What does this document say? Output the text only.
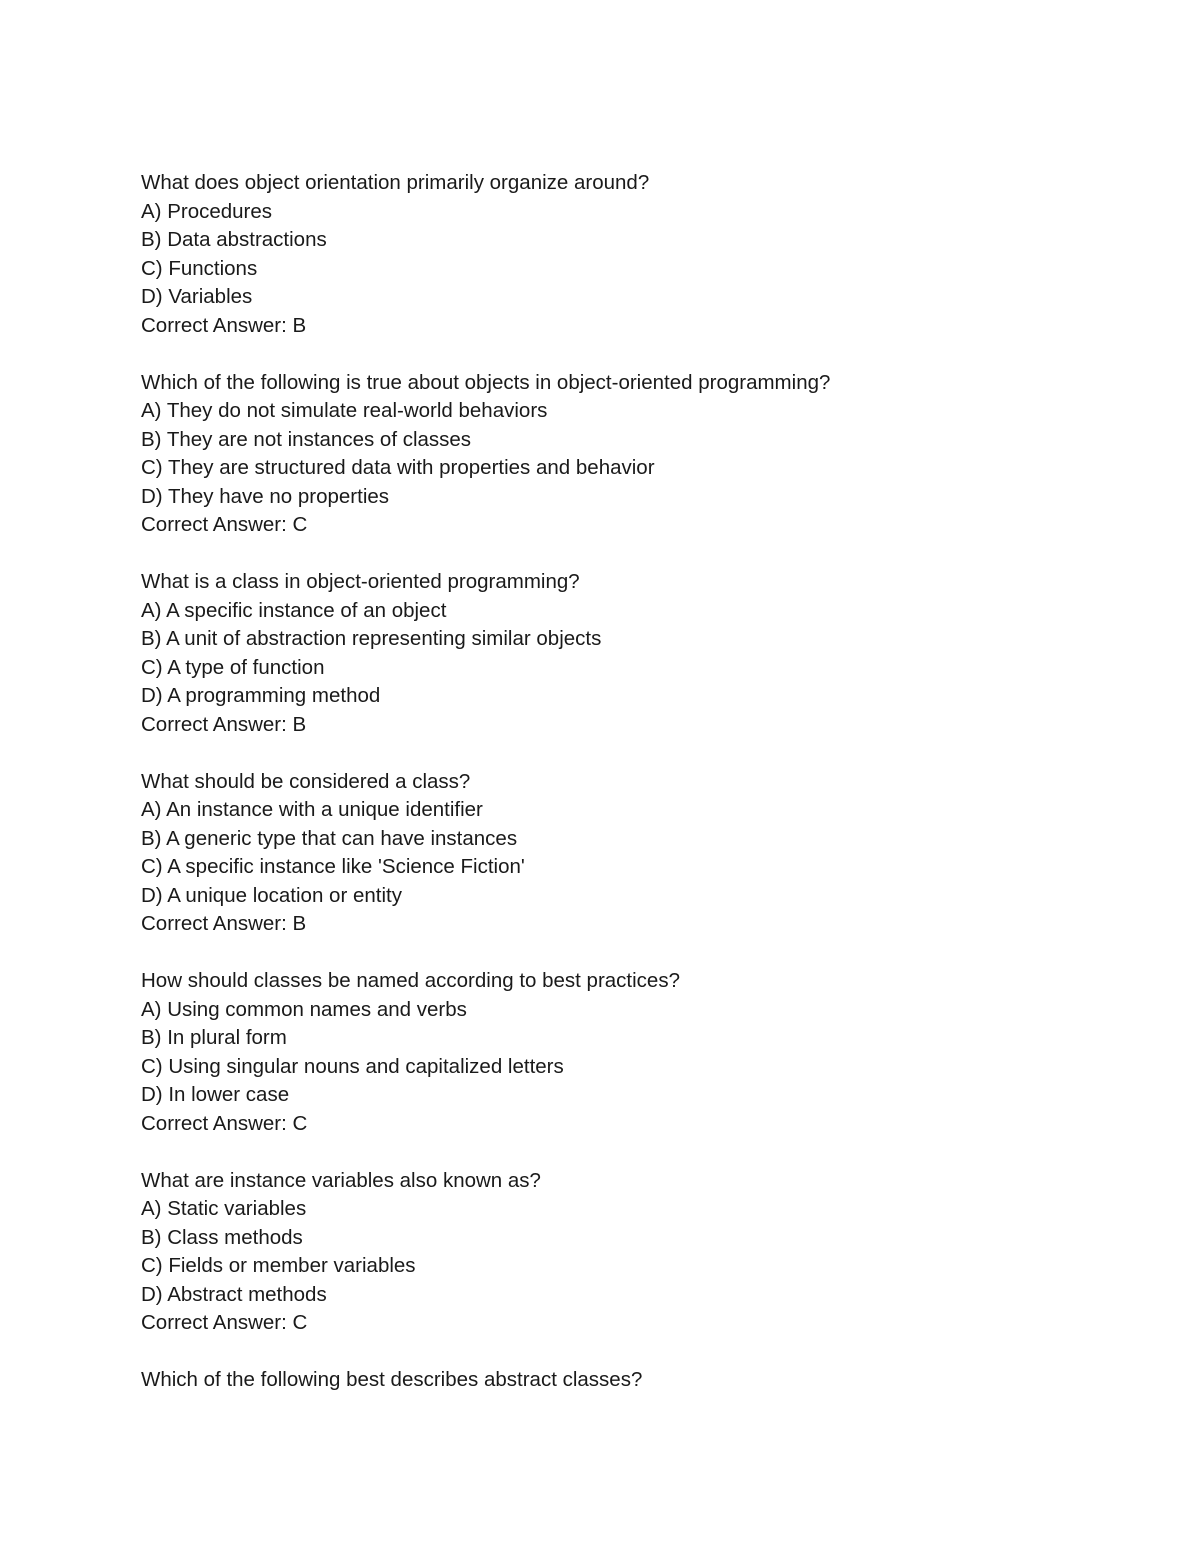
What does object orientation primarily organize around?
A) Procedures
B) Data abstractions
C) Functions
D) Variables
Correct Answer: B
Which of the following is true about objects in object-oriented programming?
A) They do not simulate real-world behaviors
B) They are not instances of classes
C) They are structured data with properties and behavior
D) They have no properties
Correct Answer: C
What is a class in object-oriented programming?
A) A specific instance of an object
B) A unit of abstraction representing similar objects
C) A type of function
D) A programming method
Correct Answer: B
What should be considered a class?
A) An instance with a unique identifier
B) A generic type that can have instances
C) A specific instance like 'Science Fiction'
D) A unique location or entity
Correct Answer: B
How should classes be named according to best practices?
A) Using common names and verbs
B) In plural form
C) Using singular nouns and capitalized letters
D) In lower case
Correct Answer: C
What are instance variables also known as?
A) Static variables
B) Class methods
C) Fields or member variables
D) Abstract methods
Correct Answer: C
Which of the following best describes abstract classes?
